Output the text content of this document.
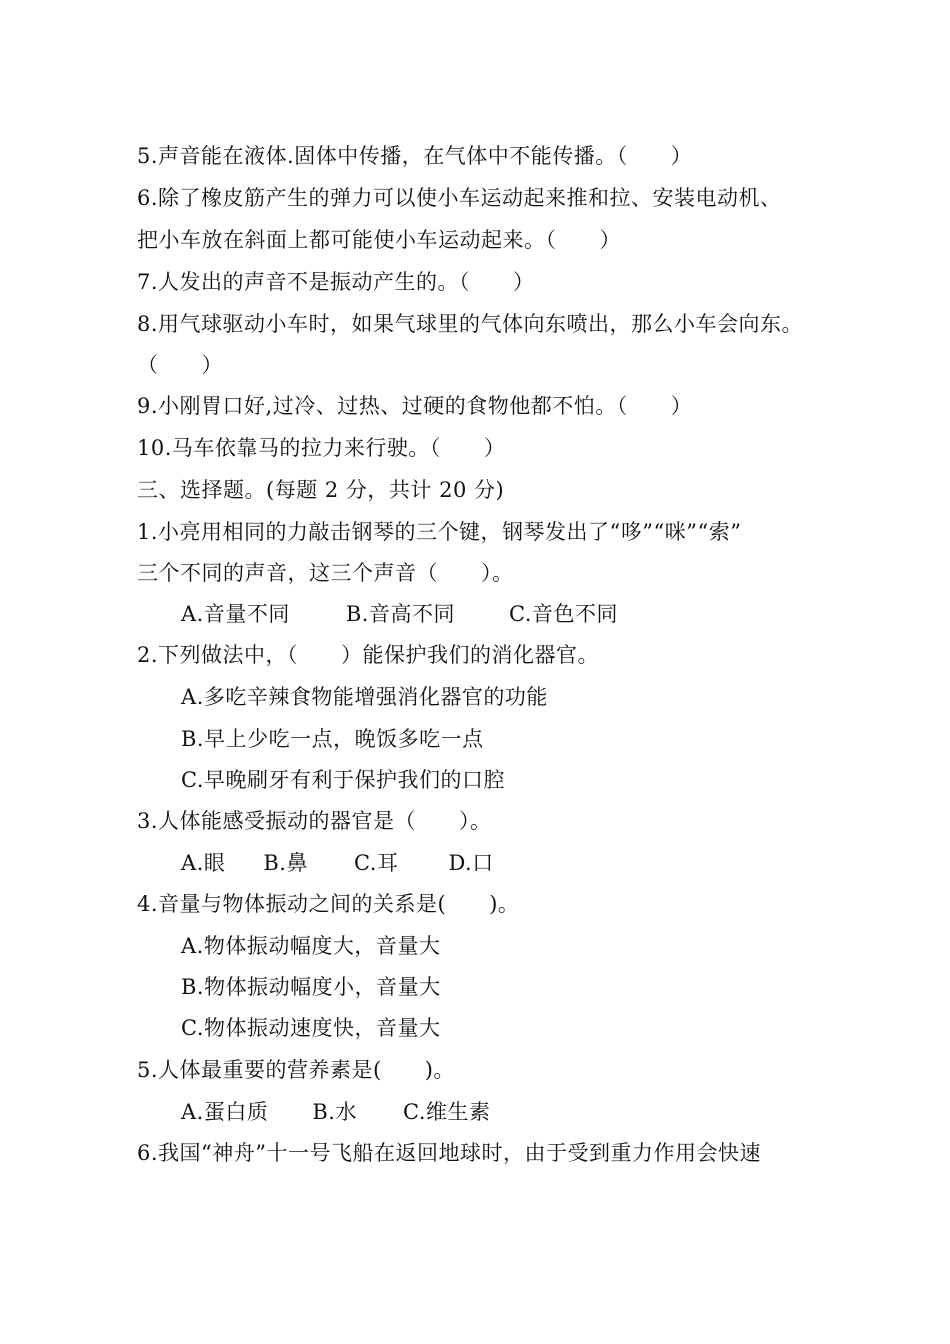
5.声音能在液体.固体中传播，在气体中不能传播。（　　）
6.除了橡皮筋产生的弹力可以使小车运动起来推和拉、安装电动机、
把小车放在斜面上都可能使小车运动起来。（　　）
7.人发出的声音不是振动产生的。（　　）
8.用气球驱动小车时，如果气球里的气体向东喷出，那么小车会向东。
（　　）
9.小刚胃口好,过冷、过热、过硬的食物他都不怕。（　　）
10.马车依靠马的拉力来行驶。（　　）
三、选择题。(每题 2 分，共计 20 分)
1.小亮用相同的力敲击钢琴的三个键，钢琴发出了“哆”“咪”“索”
三个不同的声音，这三个声音（　　）。
A.音量不同	B.音高不同	C.音色不同
2.下列做法中，（　　）能保护我们的消化器官。
A.多吃辛辣食物能增强消化器官的功能
B.早上少吃一点，晚饭多吃一点
C.早晚刷牙有利于保护我们的口腔
3.人体能感受振动的器官是（　　）。
A.眼 B.鼻 C.耳 D.口
4.音量与物体振动之间的关系是(　　)。
A.物体振动幅度大，音量大
B.物体振动幅度小，音量大
C.物体振动速度快，音量大
5.人体最重要的营养素是(　　)。
A.蛋白质 B.水 C.维生素
6.我国“神舟”十一号飞船在返回地球时，由于受到重力作用会快速
